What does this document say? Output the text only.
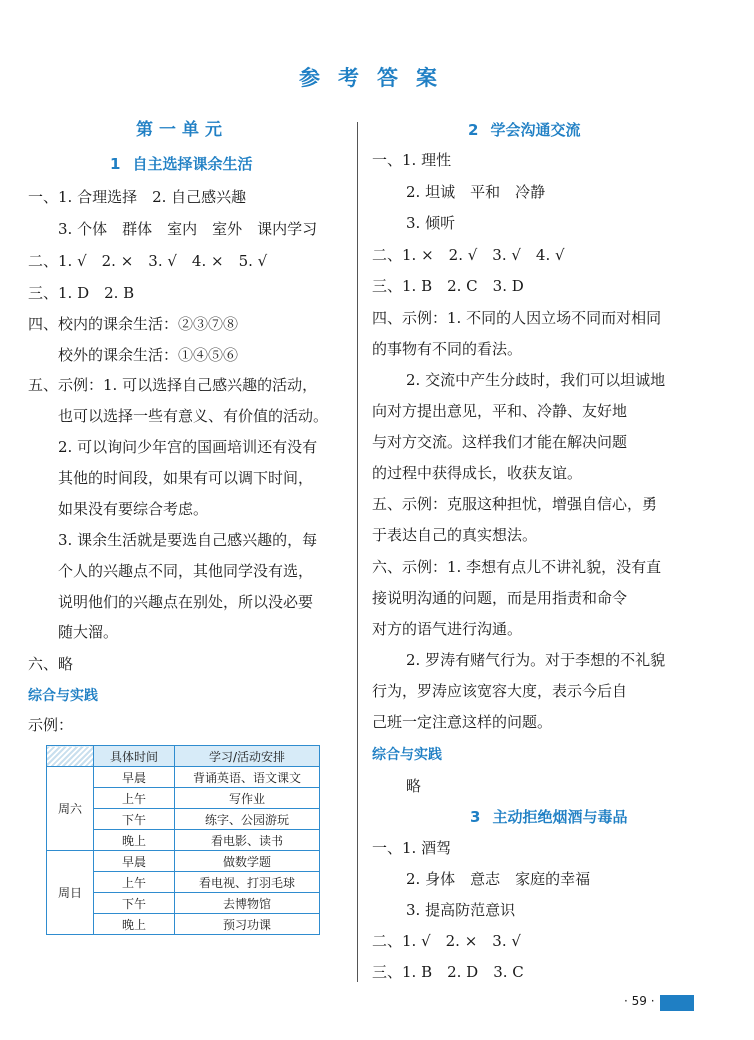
参考答案
第一单元
1 自主选择课余生活
一、1. 合理选择　2. 自己感兴趣
3. 个体　群体　室内　室外　课内学习
二、1. √　2. ×　3. √　4. ×　5. √
三、1. D　2. B
四、校内的课余生活：②③⑦⑧
校外的课余生活：①④⑤⑥
五、示例：1. 可以选择自己感兴趣的活动，
也可以选择一些有意义、有价值的活动。
2. 可以询问少年宫的国画培训还有没有
其他的时间段，如果有可以调下时间，
如果没有要综合考虑。
3. 课余生活就是要选自己感兴趣的，每
个人的兴趣点不同，其他同学没有选，
说明他们的兴趣点在别处，所以没必要
随大溜。
六、略
综合与实践
示例：
	具体时间	学习/活动安排
周六	早晨	背诵英语、语文课文
	上午	写作业
	下午	练字、公园游玩
	晚上	看电影、读书
周日	早晨	做数学题
	上午	看电视、打羽毛球
	下午	去博物馆
	晚上	预习功课
2 学会沟通交流
一、1. 理性
2. 坦诚　平和　冷静
3. 倾听
二、1. ×　2. √　3. √　4. √
三、1. B　2. C　3. D
四、示例：1. 不同的人因立场不同而对相同
的事物有不同的看法。
2. 交流中产生分歧时，我们可以坦诚地
向对方提出意见，平和、冷静、友好地
与对方交流。这样我们才能在解决问题
的过程中获得成长，收获友谊。
五、示例：克服这种担忧，增强自信心，勇
于表达自己的真实想法。
六、示例：1. 李想有点儿不讲礼貌，没有直
接说明沟通的问题，而是用指责和命令
对方的语气进行沟通。
2. 罗涛有赌气行为。对于李想的不礼貌
行为，罗涛应该宽容大度，表示今后自
己班一定注意这样的问题。
综合与实践
略
3 主动拒绝烟酒与毒品
一、1. 酒驾
2. 身体　意志　家庭的幸福
3. 提高防范意识
二、1. √　2. ×　3. √
三、1. B　2. D　3. C
· 59 ·
